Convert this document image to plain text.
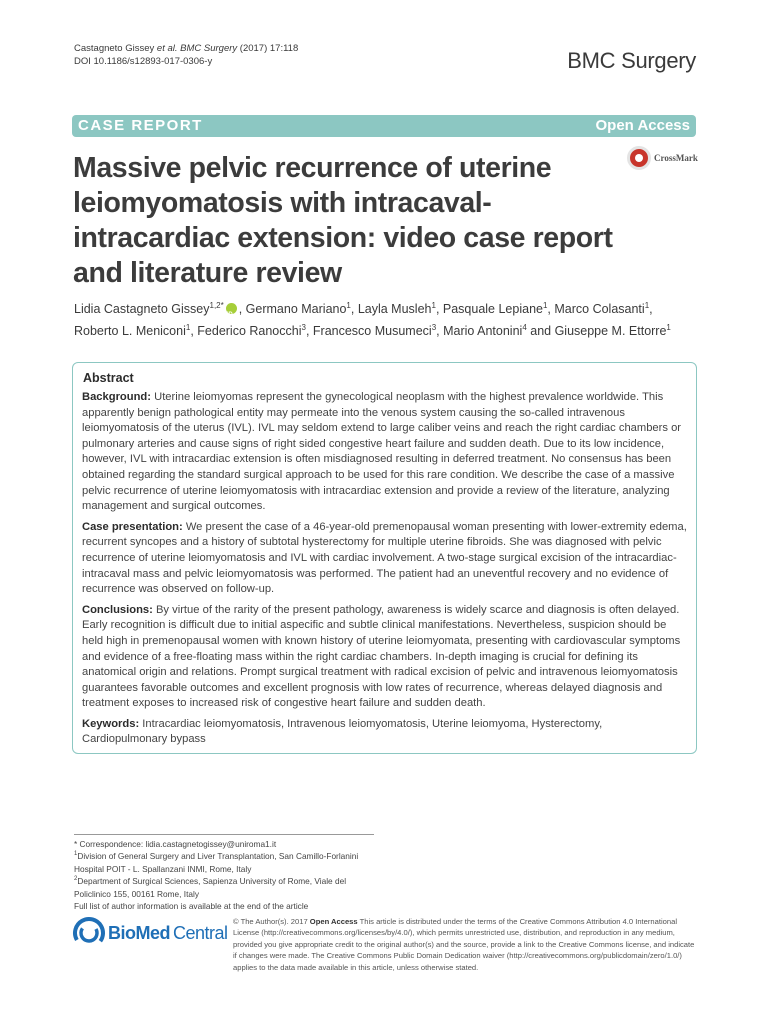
Castagneto Gissey et al. BMC Surgery (2017) 17:118
DOI 10.1186/s12893-017-0306-y	BMC Surgery
CASE REPORT	Open Access
CrossMark
Massive pelvic recurrence of uterine leiomyomatosis with intracaval-intracardiac extension: video case report and literature review
Lidia Castagneto Gissey$^{1,2*}$iD , Germano Mariano$^1$, Layla Musleh$^1$, Pasquale Lepiane$^1$, Marco Colasanti$^1$,
Roberto L. Meniconi$^1$, Federico Ranocchi$^3$, Francesco Musumeci$^3$, Mario Antonini$^4$ and Giuseppe M. Ettorre$^1$
Abstract

Background: Uterine leiomyomas represent the gynecological neoplasm with the highest prevalence worldwide. This apparently benign pathological entity may permeate into the venous system causing the so-called intravenous leiomyomatosis of the uterus (IVL). IVL may seldom extend to large caliber veins and reach the right cardiac chambers or pulmonary arteries and cause signs of right sided congestive heart failure and sudden death. Due to its low incidence, however, IVL with intracardiac extension is often misdiagnosed resulting in deferred treatment. No consensus has been obtained regarding the standard surgical approach to be used for this rare condition. We describe the case of a massive pelvic recurrence of uterine leiomyomatosis with intracardiac extension and provide a review of the literature, analyzing management and surgical outcomes.

Case presentation: We present the case of a 46-year-old premenopausal woman presenting with lower-extremity edema, recurrent syncopes and a history of subtotal hysterectomy for multiple uterine fibroids. She was diagnosed with pelvic recurrence of uterine leiomyomatosis and IVL with cardiac involvement. A two-stage surgical excision of the intracardiac-intracaval mass and pelvic leiomyomatosis was performed. The patient had an uneventful recovery and no evidence of recurrence was observed on follow-up.

Conclusions: By virtue of the rarity of the present pathology, awareness is widely scarce and diagnosis is often delayed. Early recognition is difficult due to initial aspecific and subtle clinical manifestations. Nevertheless, suspicion should be held high in premenopausal women with known history of uterine leiomyomata, presenting with cardiovascular symptoms and evidence of a free-floating mass within the right cardiac chambers. In-depth imaging is crucial for defining its anatomical origin and relations. Prompt surgical treatment with radical excision of pelvic and intravenous leiomyomatosis guarantees favorable outcomes and excellent prognosis with low rates of recurrence, whereas delayed diagnosis and treatment exposes to increased risk of congestive heart failure and sudden death.

Keywords: Intracardiac leiomyomatosis, Intravenous leiomyomatosis, Uterine leiomyoma, Hysterectomy, Cardiopulmonary bypass

* Correspondence: lidia.castagnetogissey@uniroma1.it
$^1$Division of General Surgery and Liver Transplantation, San Camillo-Forlanini Hospital POIT - L. Spallanzani INMI, Rome, Italy
$^2$Department of Surgical Sciences, Sapienza University of Rome, Viale del Policlinico 155, 00161 Rome, Italy
Full list of author information is available at the end of the article
BioMed Central
© The Author(s). 2017 Open Access This article is distributed under the terms of the Creative Commons Attribution 4.0 International License (http://creativecommons.org/licenses/by/4.0/), which permits unrestricted use, distribution, and reproduction in any medium, provided you give appropriate credit to the original author(s) and the source, provide a link to the Creative Commons license, and indicate if changes were made. The Creative Commons Public Domain Dedication waiver (http://creativecommons.org/publicdomain/zero/1.0/) applies to the data made available in this article, unless otherwise stated.
